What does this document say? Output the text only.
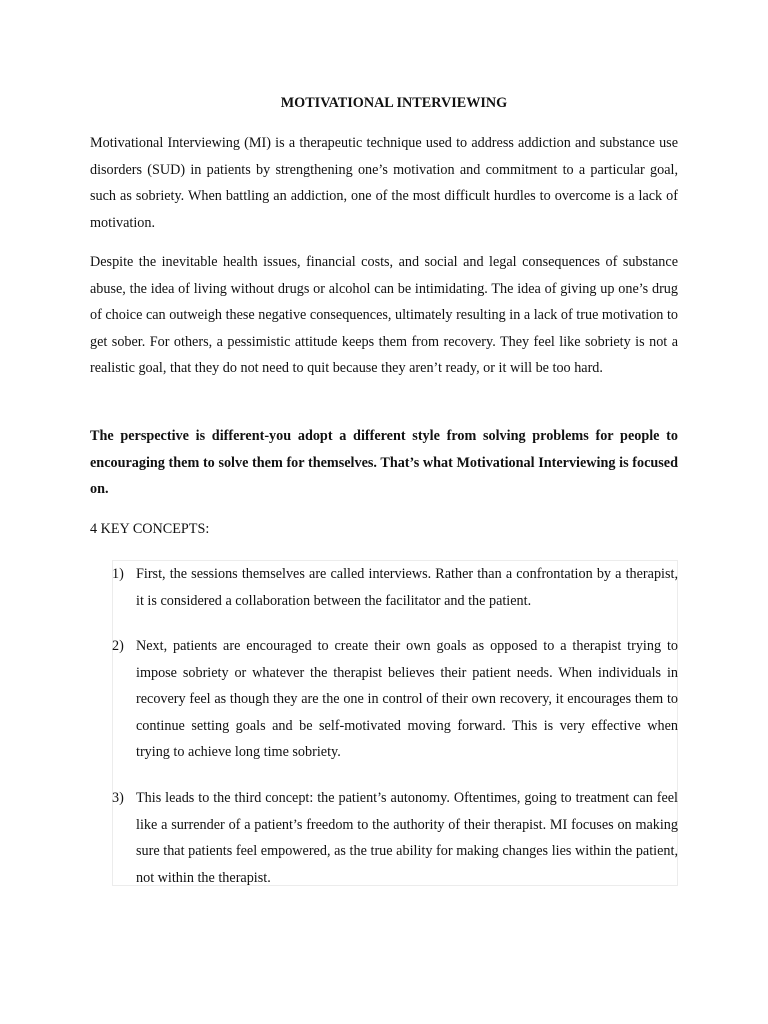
MOTIVATIONAL INTERVIEWING

Motivational Interviewing (MI) is a therapeutic technique used to address addiction and substance use disorders (SUD) in patients by strengthening one’s motivation and commitment to a particular goal, such as sobriety. When battling an addiction, one of the most difficult hurdles to overcome is a lack of motivation.

Despite the inevitable health issues, financial costs, and social and legal consequences of substance abuse, the idea of living without drugs or alcohol can be intimidating. The idea of giving up one’s drug of choice can outweigh these negative consequences, ultimately resulting in a lack of true motivation to get sober. For others, a pessimistic attitude keeps them from recovery. They feel like sobriety is not a realistic goal, that they do not need to quit because they aren’t ready, or it will be too hard.

The perspective is different-you adopt a different style from solving problems for people to encouraging them to solve them for themselves. That’s what Motivational Interviewing is focused on.

4 KEY CONCEPTS:

1) First, the sessions themselves are called interviews. Rather than a confrontation by a therapist, it is considered a collaboration between the facilitator and the patient.
2) Next, patients are encouraged to create their own goals as opposed to a therapist trying to impose sobriety or whatever the therapist believes their patient needs. When individuals in recovery feel as though they are the one in control of their own recovery, it encourages them to continue setting goals and be self-motivated moving forward. This is very effective when trying to achieve long time sobriety.
3) This leads to the third concept: the patient’s autonomy. Oftentimes, going to treatment can feel like a surrender of a patient’s freedom to the authority of their therapist. MI focuses on making sure that patients feel empowered, as the true ability for making changes lies within the patient, not within the therapist.
